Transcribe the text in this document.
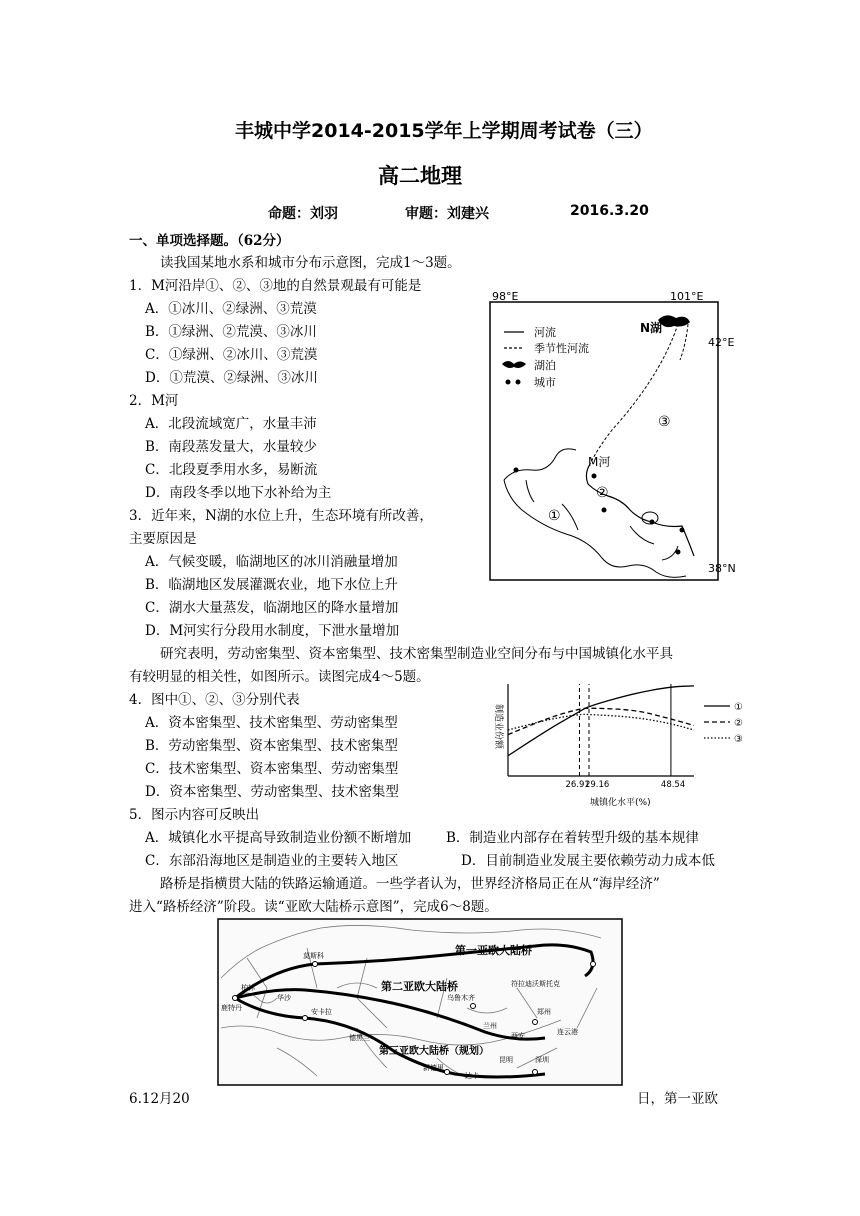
丰城中学2014-2015学年上学期周考试卷（三）
高二地理
命题：刘羽	审题：刘建兴	2016.3.20
一、单项选择题。（62分）
读我国某地水系和城市分布示意图，完成1～3题。
1．M河沿岸①、②、③地的自然景观最有可能是
A．①冰川、②绿洲、③荒漠
B．①绿洲、②荒漠、③冰川
C．①绿洲、②冰川、③荒漠
D．①荒漠、②绿洲、③冰川
2．M河
A．北段流域宽广，水量丰沛
B．南段蒸发量大，水量较少
C．北段夏季用水多，易断流
D．南段冬季以地下水补给为主
3．近年来，N湖的水位上升，生态环境有所改善，
主要原因是
A．气候变暖，临湖地区的冰川消融量增加
B．临湖地区发展灌溉农业，地下水位上升
C．湖水大量蒸发，临湖地区的降水量增加
D．M河实行分段用水制度，下泄水量增加
研究表明，劳动密集型、资本密集型、技术密集型制造业空间分布与中国城镇化水平具
有较明显的相关性，如图所示。读图完成4～5题。
4．图中①、②、③分别代表
A．资本密集型、技术密集型、劳动密集型
B．劳动密集型、资本密集型、技术密集型
C．技术密集型、资本密集型、劳动密集型
D．资本密集型、劳动密集型、技术密集型
5．图示内容可反映出
A．城镇化水平提高导致制造业份额不断增加	B．制造业内部存在着转型升级的基本规律
C．东部沿海地区是制造业的主要转入地区	D．目前制造业发展主要依赖劳动力成本低
路桥是指横贯大陆的铁路运输通道。一些学者认为，世界经济格局正在从“海岸经济”
进入“路桥经济”阶段。读“亚欧大陆桥示意图”，完成6～8题。
6.12月20	日，第一亚欧
98°E	101°E
42°E
38°N
河流
季节性河流
湖泊
城市
N湖
M河
①
②
③
制造业份额
26.91
29.16	48.54
①
②
③
城镇化水平(%)
第一亚欧大陆桥
第二亚欧大陆桥
第三亚欧大陆桥（规划）
莫斯科
柏林
鹿特丹
华沙	乌鲁木齐
符拉迪沃斯托克
安卡拉
兰州
郑州
西安	连云港
德黑兰
新德里
深圳
昆明
达卡
